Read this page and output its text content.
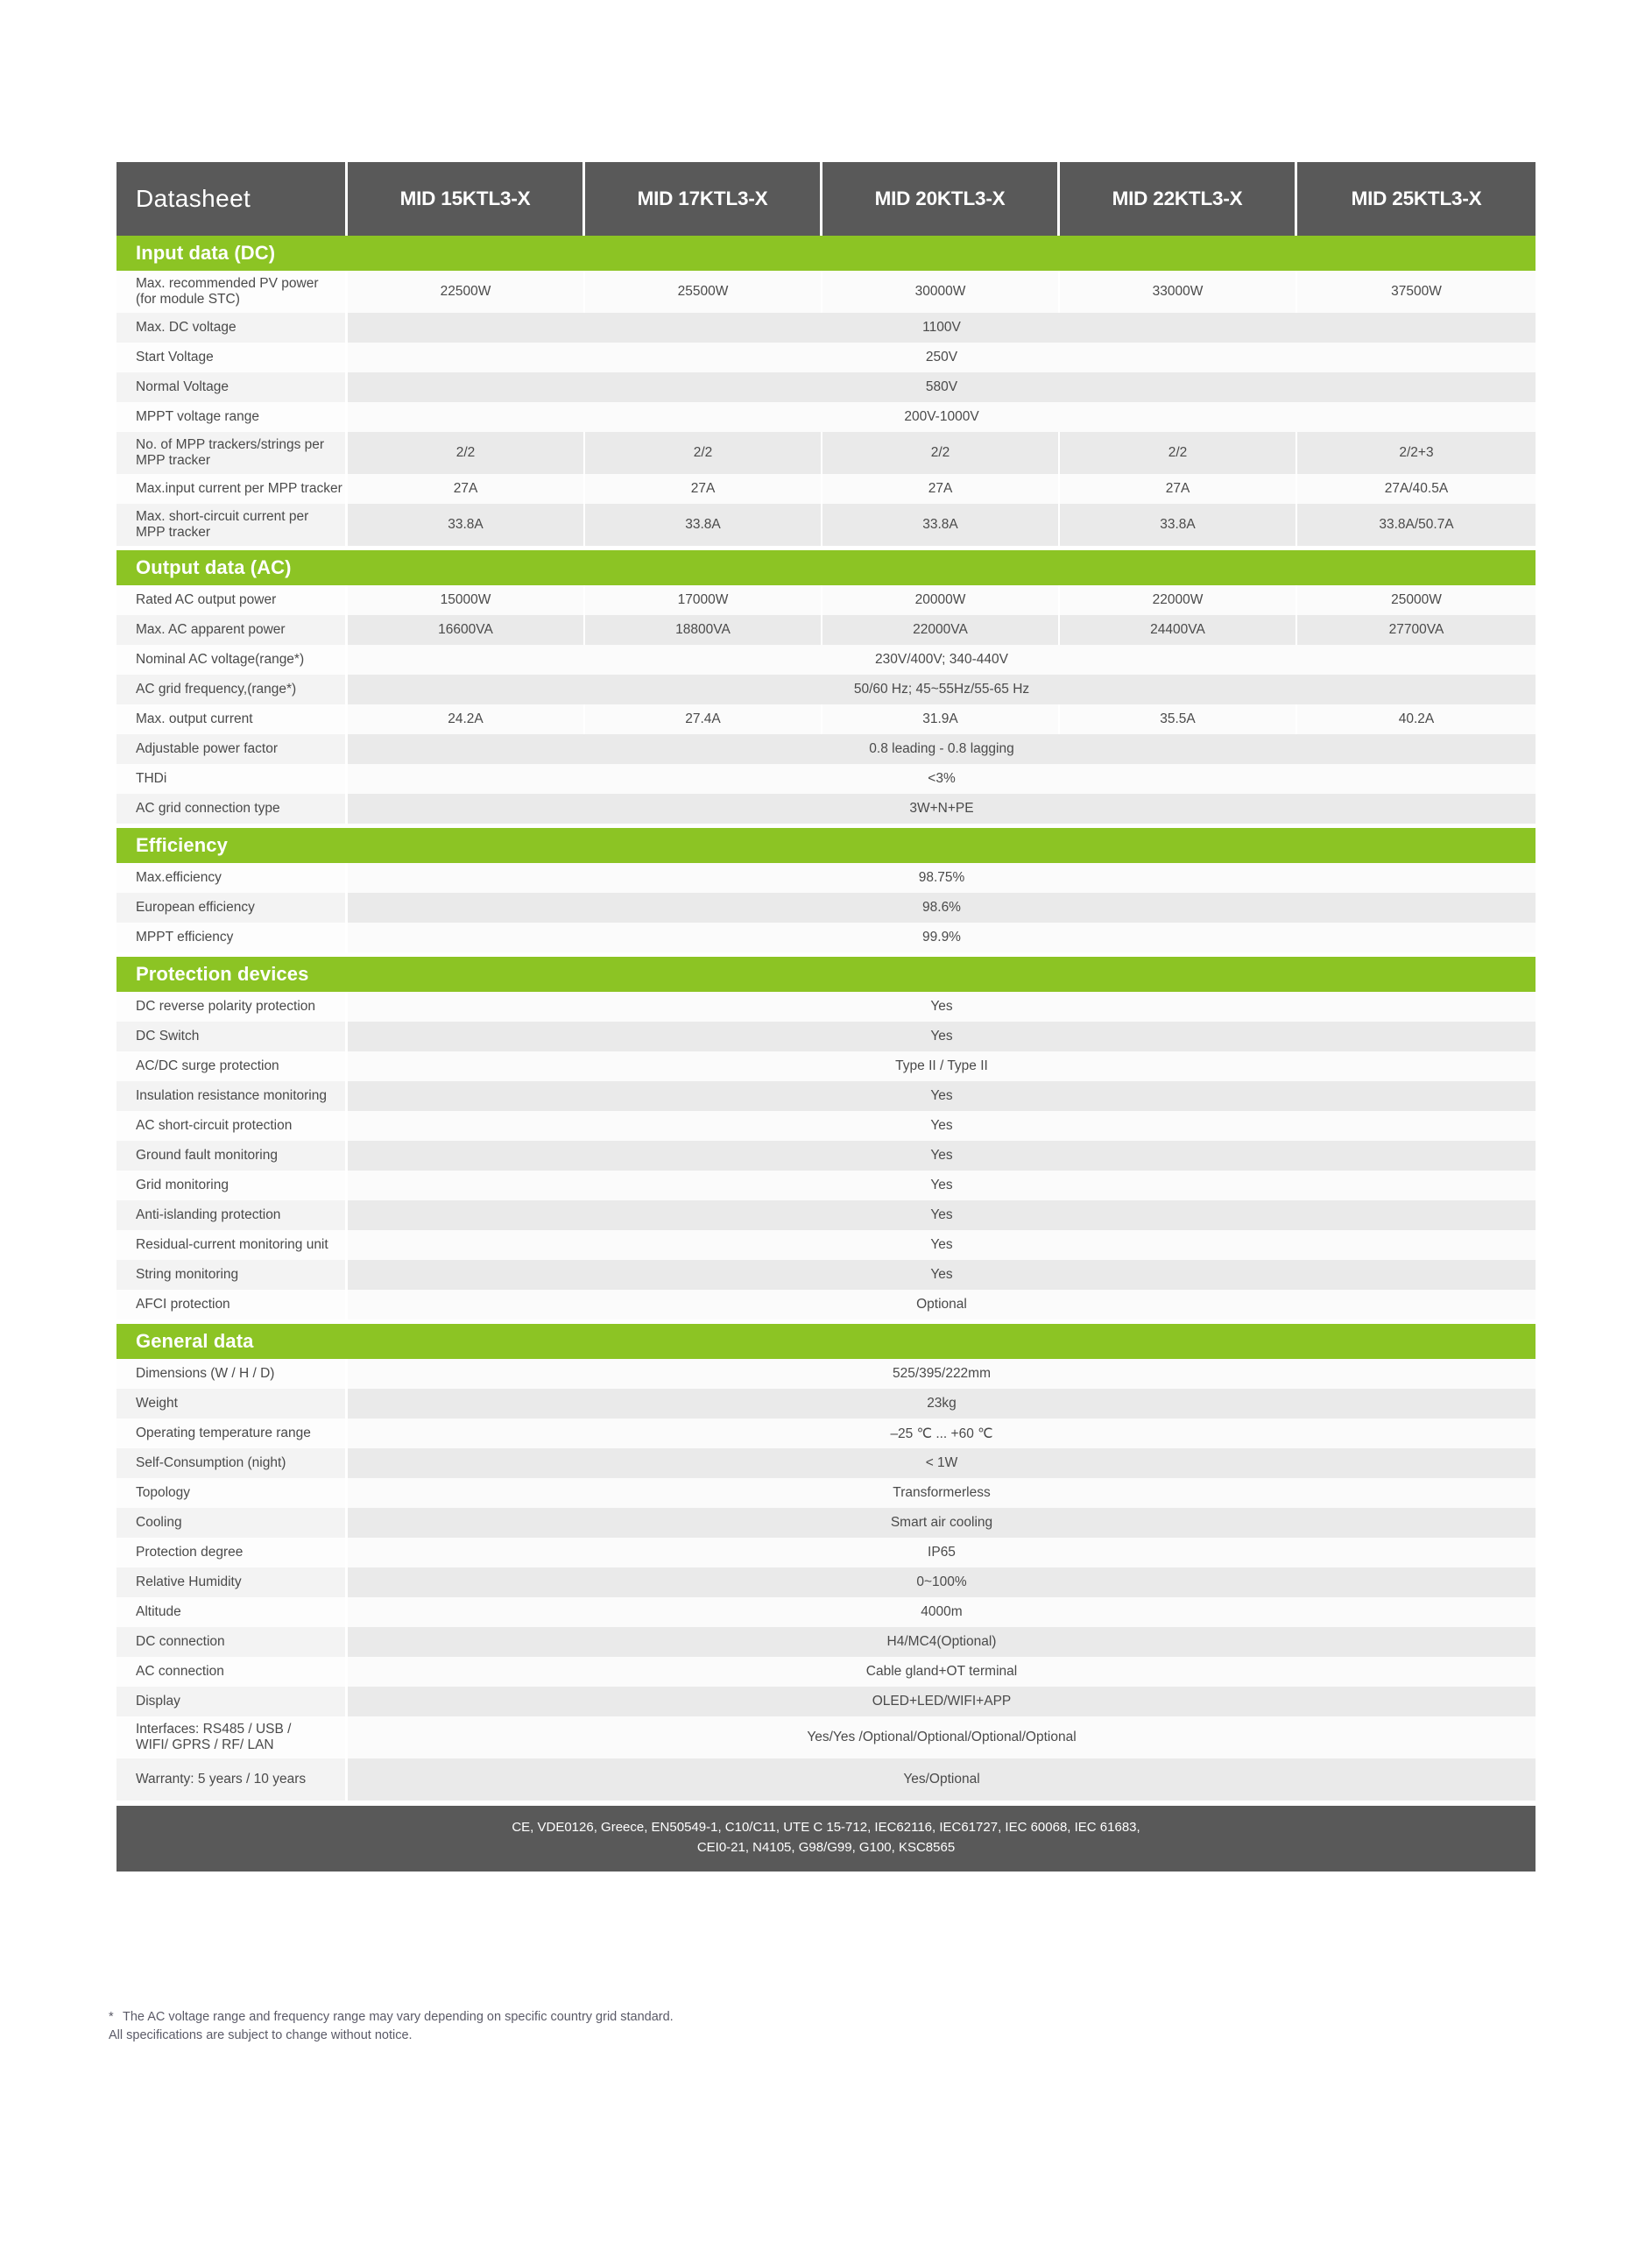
Datasheet	MID 15KTL3-X	MID 17KTL3-X	MID 20KTL3-X	MID 22KTL3-X	MID 25KTL3-X
Input data (DC)					
Max. recommended PV power
(for module STC)	22500W	25500W	30000W	33000W	37500W
Max. DC voltage	1100V				
Start Voltage	250V				
Normal Voltage	580V				
MPPT voltage range	200V-1000V				
No. of MPP trackers/strings per
MPP tracker	2/2	2/2	2/2	2/2	2/2+3
Max.input current per MPP tracker	27A	27A	27A	27A	27A/40.5A
Max. short-circuit current per
MPP tracker	33.8A	33.8A	33.8A	33.8A	33.8A/50.7A

Output data (AC)					
Rated AC output power	15000W	17000W	20000W	22000W	25000W
Max. AC apparent power	16600VA	18800VA	22000VA	24400VA	27700VA
Nominal AC voltage(range*)	230V/400V; 340-440V				
AC grid frequency,(range*)	50/60 Hz; 45~55Hz/55-65 Hz				
Max. output current	24.2A	27.4A	31.9A	35.5A	40.2A
Adjustable power factor	0.8 leading - 0.8 lagging				
THDi	<3%				
AC grid connection type	3W+N+PE				

Efficiency					
Max.efficiency	98.75%				
European efficiency	98.6%				
MPPT efficiency	99.9%				

Protection devices					
DC reverse polarity protection	Yes				
DC Switch	Yes				
AC/DC surge protection	Type II / Type II				
Insulation resistance monitoring	Yes				
AC short-circuit protection	Yes				
Ground fault monitoring	Yes				
Grid monitoring	Yes				
Anti-islanding protection	Yes				
Residual-current monitoring unit	Yes				
String monitoring	Yes				
AFCI protection	Optional				

General data					
Dimensions (W / H / D)	525/395/222mm				
Weight	23kg				
Operating temperature range	–25 ℃ ... +60 ℃				
Self-Consumption (night)	< 1W				
Topology	Transformerless				
Cooling	Smart air cooling				
Protection degree	IP65				
Relative Humidity	0~100%				
Altitude	4000m				
DC connection	H4/MC4(Optional)				
AC connection	Cable gland+OT terminal				
Display	OLED+LED/WIFI+APP				
Interfaces: RS485 / USB /
WIFI/ GPRS / RF/ LAN	Yes/Yes /Optional/Optional/Optional/Optional				
Warranty: 5 years / 10 years	Yes/Optional				
CE, VDE0126, Greece, EN50549-1, C10/C11, UTE C 15-712, IEC62116, IEC61727, IEC 60068, IEC 61683,
CEI0-21, N4105, G98/G99, G100, KSC8565
* The AC voltage range and frequency range may vary depending on specific country grid standard.
All specifications are subject to change without notice.
